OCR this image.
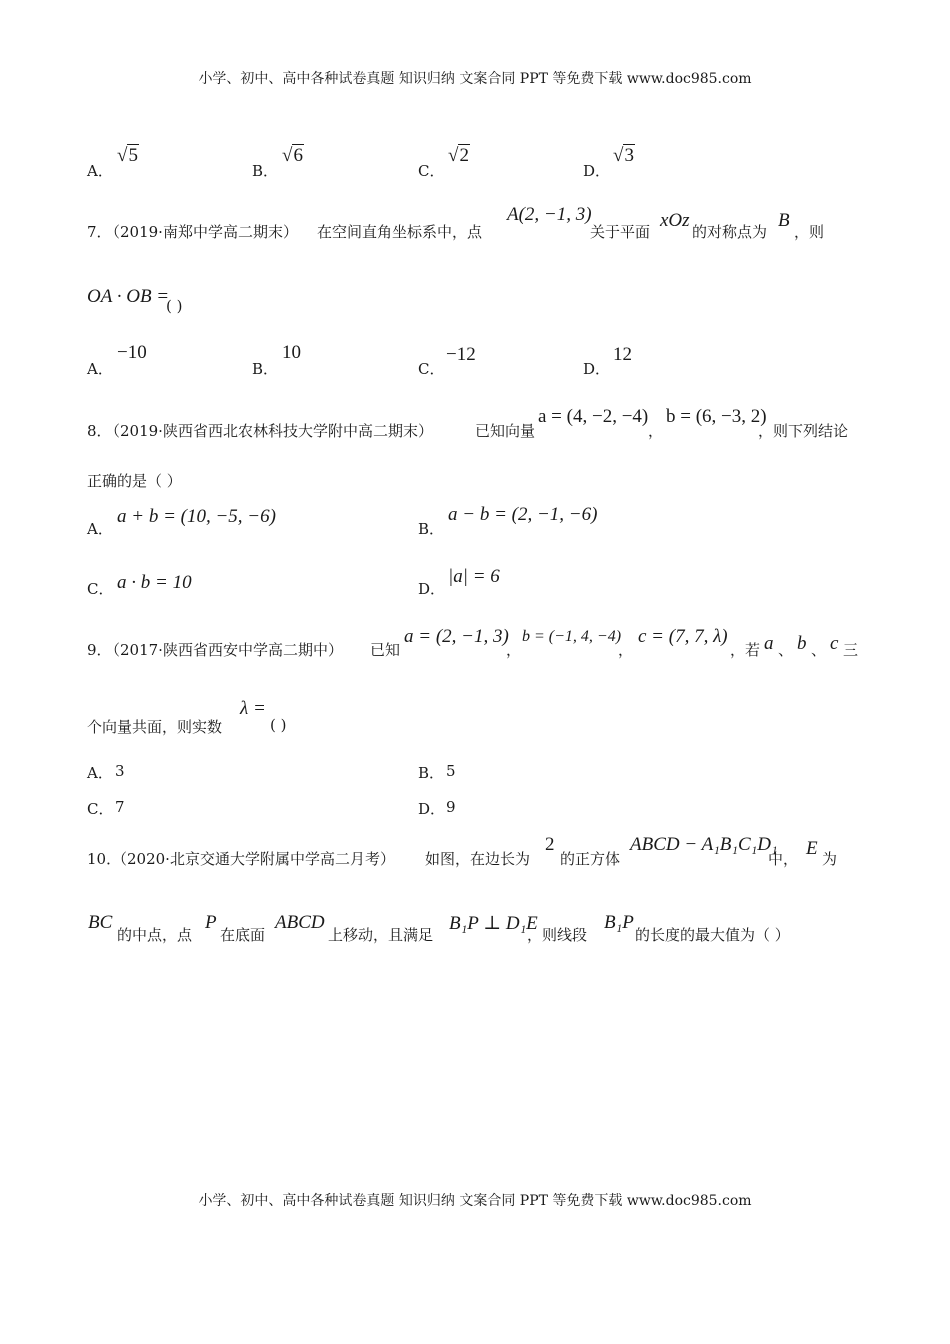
小学、初中、高中各种试卷真题 知识归纳 文案合同 PPT 等免费下载 www.doc985.com
A．
√5
B．
√6
C．
√2
D．
√3
7．
（2019·南郑中学高二期末） 在空间直角坐标系中，点
A(2, −1, 3)
关于平面
xOz
的对称点为
B
，则
OA · OB =
( )
A．
−10
B．
10
C．
−12
D．
12
8．
（2019·陕西省西北农林科技大学附中高二期末）	已知向量
a = (4, −2, −4)
，
b = (6, −3, 2)
，则下列结论
正确的是（ ）
A．
a + b = (10, −5, −6)
B．
a − b = (2, −1, −6)
C． a · b = 10	D．
|a| = 6
9．
（2017·陕西省西安中学高二期中） 已知
a = (2, −1, 3)
，
b = (−1, 4, −4)
，
c = (7, 7, λ)
，若 a 、 b 、 c 三
个向量共面，则实数
λ =
( )
A． 3	B． 5
C． 7	D． 9
10．
（2020·北京交通大学附属中学高二月考） 如图，在边长为
2
的正方体
ABCD − A₁B₁C₁D₁
中， E 为
BC
的中点，点
P
在底面
ABCD
上移动，且满足
B₁P ⊥ D₁E
，则线段
B₁P
的长度的最大值为（ ）
小学、初中、高中各种试卷真题 知识归纳 文案合同 PPT 等免费下载 www.doc985.com
